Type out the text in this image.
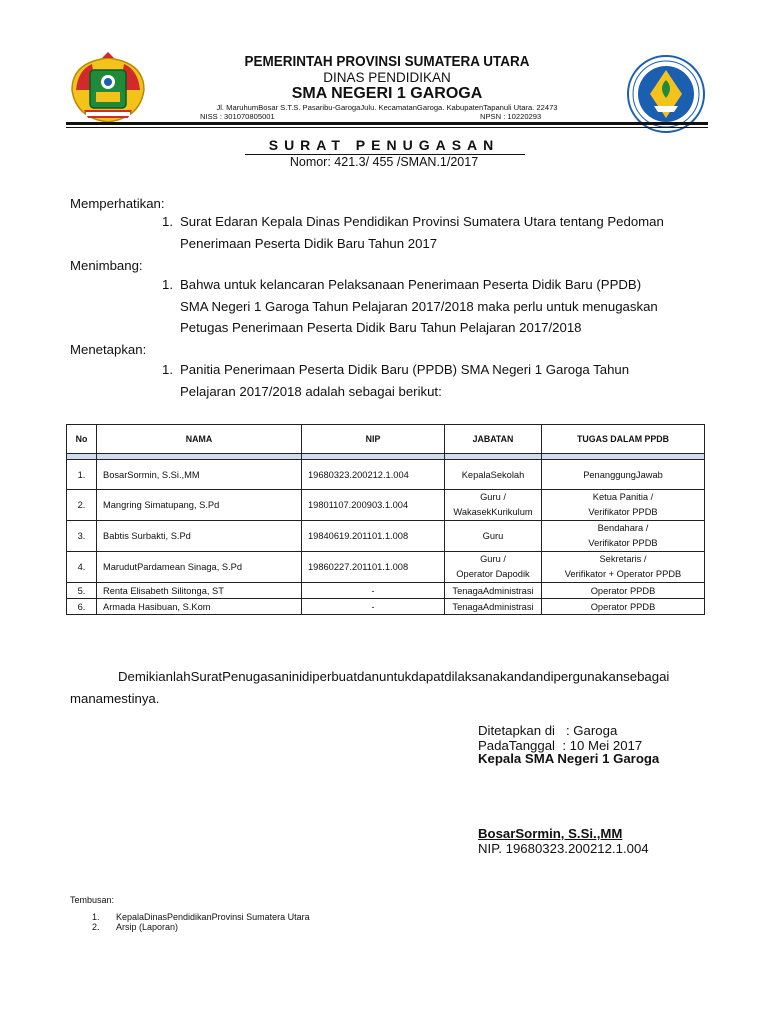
PEMERINTAH PROVINSI SUMATERA UTARA
DINAS PENDIDIKAN
SMA NEGERI 1 GAROGA
Jl. MaruhumBosar S.T.S. Pasaribu-GarogaJulu. KecamatanGaroga. KabupatenTapanuli Utara. 22473
NISS : 301070805001	NPSN : 10220293
SURAT PENUGASAN
Nomor: 421.3/ 455 /SMAN.1/2017
Memperhatikan:
1. Surat Edaran Kepala Dinas Pendidikan Provinsi Sumatera Utara tentang Pedoman
Penerimaan Peserta Didik Baru Tahun 2017
Menimbang:
1. Bahwa untuk kelancaran Pelaksanaan Penerimaan Peserta Didik Baru (PPDB)
SMA Negeri 1 Garoga Tahun Pelajaran 2017/2018 maka perlu untuk menugaskan
Petugas Penerimaan Peserta Didik Baru Tahun Pelajaran 2017/2018
Menetapkan:
1. Panitia Penerimaan Peserta Didik Baru (PPDB) SMA Negeri 1 Garoga Tahun
Pelajaran 2017/2018 adalah sebagai berikut:
No	NAMA	NIP	JABATAN	TUGAS DALAM PPDB

1.	BosarSormin, S.Si.,MM	19680323.200212.1.004	KepalaSekolah	PenanggungJawab
2.	Mangring Simatupang, S.Pd	19801107.200903.1.004	Guru /
WakasekKurikulum	Ketua Panitia /
Verifikator PPDB

3.	Babtis Surbakti, S.Pd	19840619.201101.1.008	Guru	Bendahara /
Verifikator PPDB

4.	MarudutPardamean Sinaga, S.Pd	19860227.201101.1.008	Guru /
Operator Dapodik	Sekretaris /
Verifikator + Operator PPDB

5.	Renta Elisabeth Silitonga, ST	-	TenagaAdministrasi	Operator PPDB
6.	Armada Hasibuan, S.Kom	-	TenagaAdministrasi	Operator PPDB
DemikianlahSuratPenugasaninidiperbuatdanuntukdapatdilaksanakandandipergunakansebagai
manamestinya.
Ditetapkan di   : Garoga
PadaTanggal  : 10 Mei 2017
Kepala SMA Negeri 1 Garoga
BosarSormin, S.Si.,MM
NIP. 19680323.200212.1.004
Tembusan:
1. KepalaDinasPendidikanProvinsi Sumatera Utara
2. Arsip (Laporan)
